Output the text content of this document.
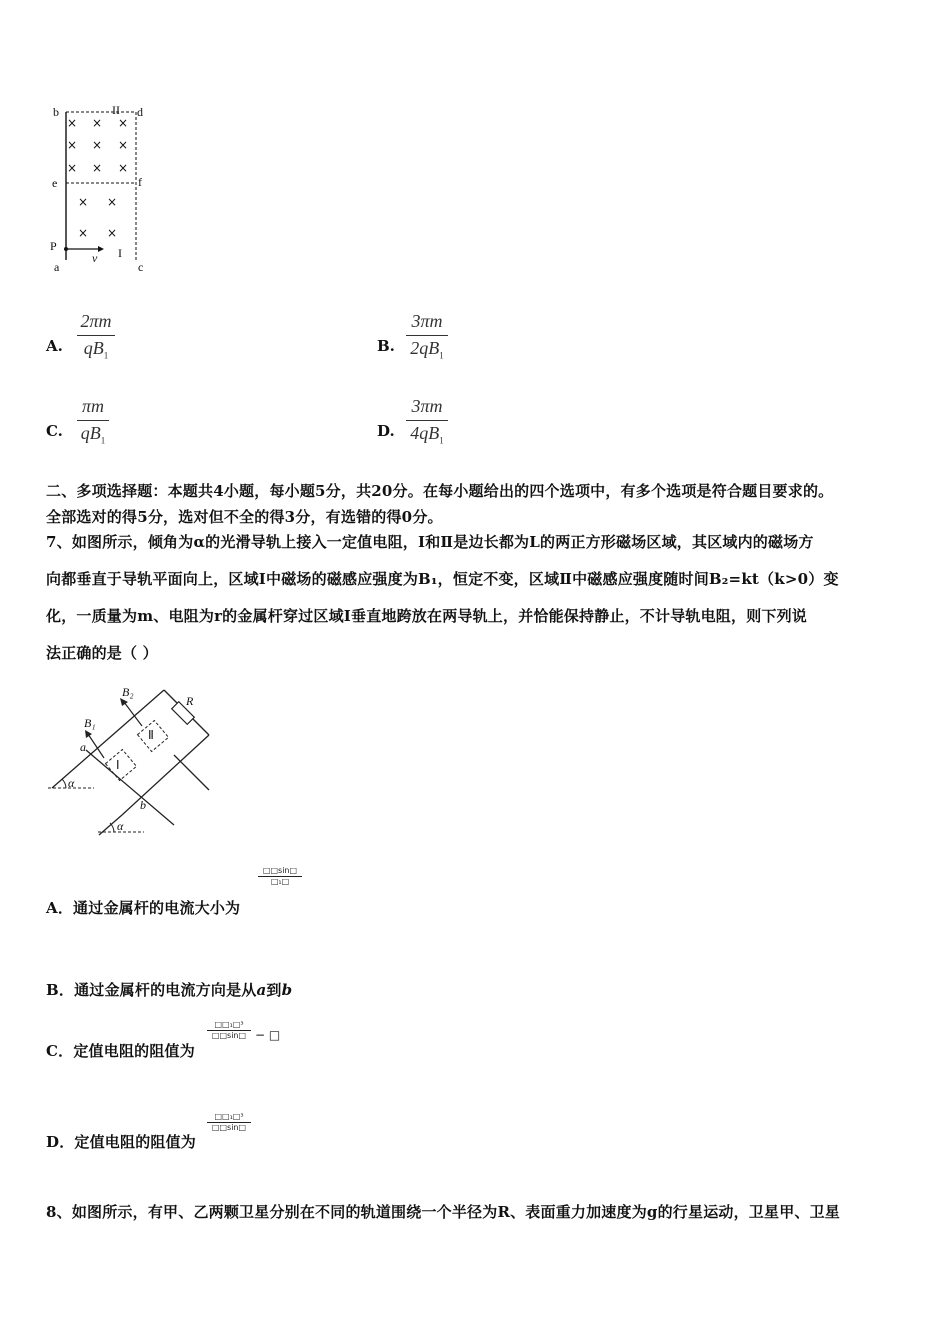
b	II d
e	f
P
a
v I
c
× × ×
× × ×
× × ×
× ×
× ×
A.
2πm
$qB_1$
B.
3πm
$2qB_1$
C.
πm
$qB_1$
D.
3πm
$4qB_1$
二、多项选择题：本题共4小题，每小题5分，共20分。在每小题给出的四个选项中，有多个选项是符合题目要求的。
全部选对的得5分，选对但不全的得3分，有选错的得0分。
7、如图所示，倾角为α的光滑导轨上接入一定值电阻，Ⅰ和Ⅱ是边长都为L的两正方形磁场区域，其区域内的磁场方
向都垂直于导轨平面向上，区域Ⅰ中磁场的磁感应强度为B₁，恒定不变，区域Ⅱ中磁感应强度随时间B₂=kt（k>0）变
化，一质量为m、电阻为r的金属杆穿过区域Ⅰ垂直地跨放在两导轨上，并恰能保持静止，不计导轨电阻，则下列说
法正确的是（ ）
B₂
R
B₁
Ⅱ
a
Ⅰ
α
b
α
A．通过金属杆的电流大小为
□□sin□
□₁□
B．通过金属杆的电流方向是从a到b
C．定值电阻的阻值为
□□₁□³
□□sin□ − □
D．定值电阻的阻值为
□□₁□³
□□sin□
8、如图所示，有甲、乙两颗卫星分别在不同的轨道围绕一个半径为R、表面重力加速度为g的行星运动，卫星甲、卫星
